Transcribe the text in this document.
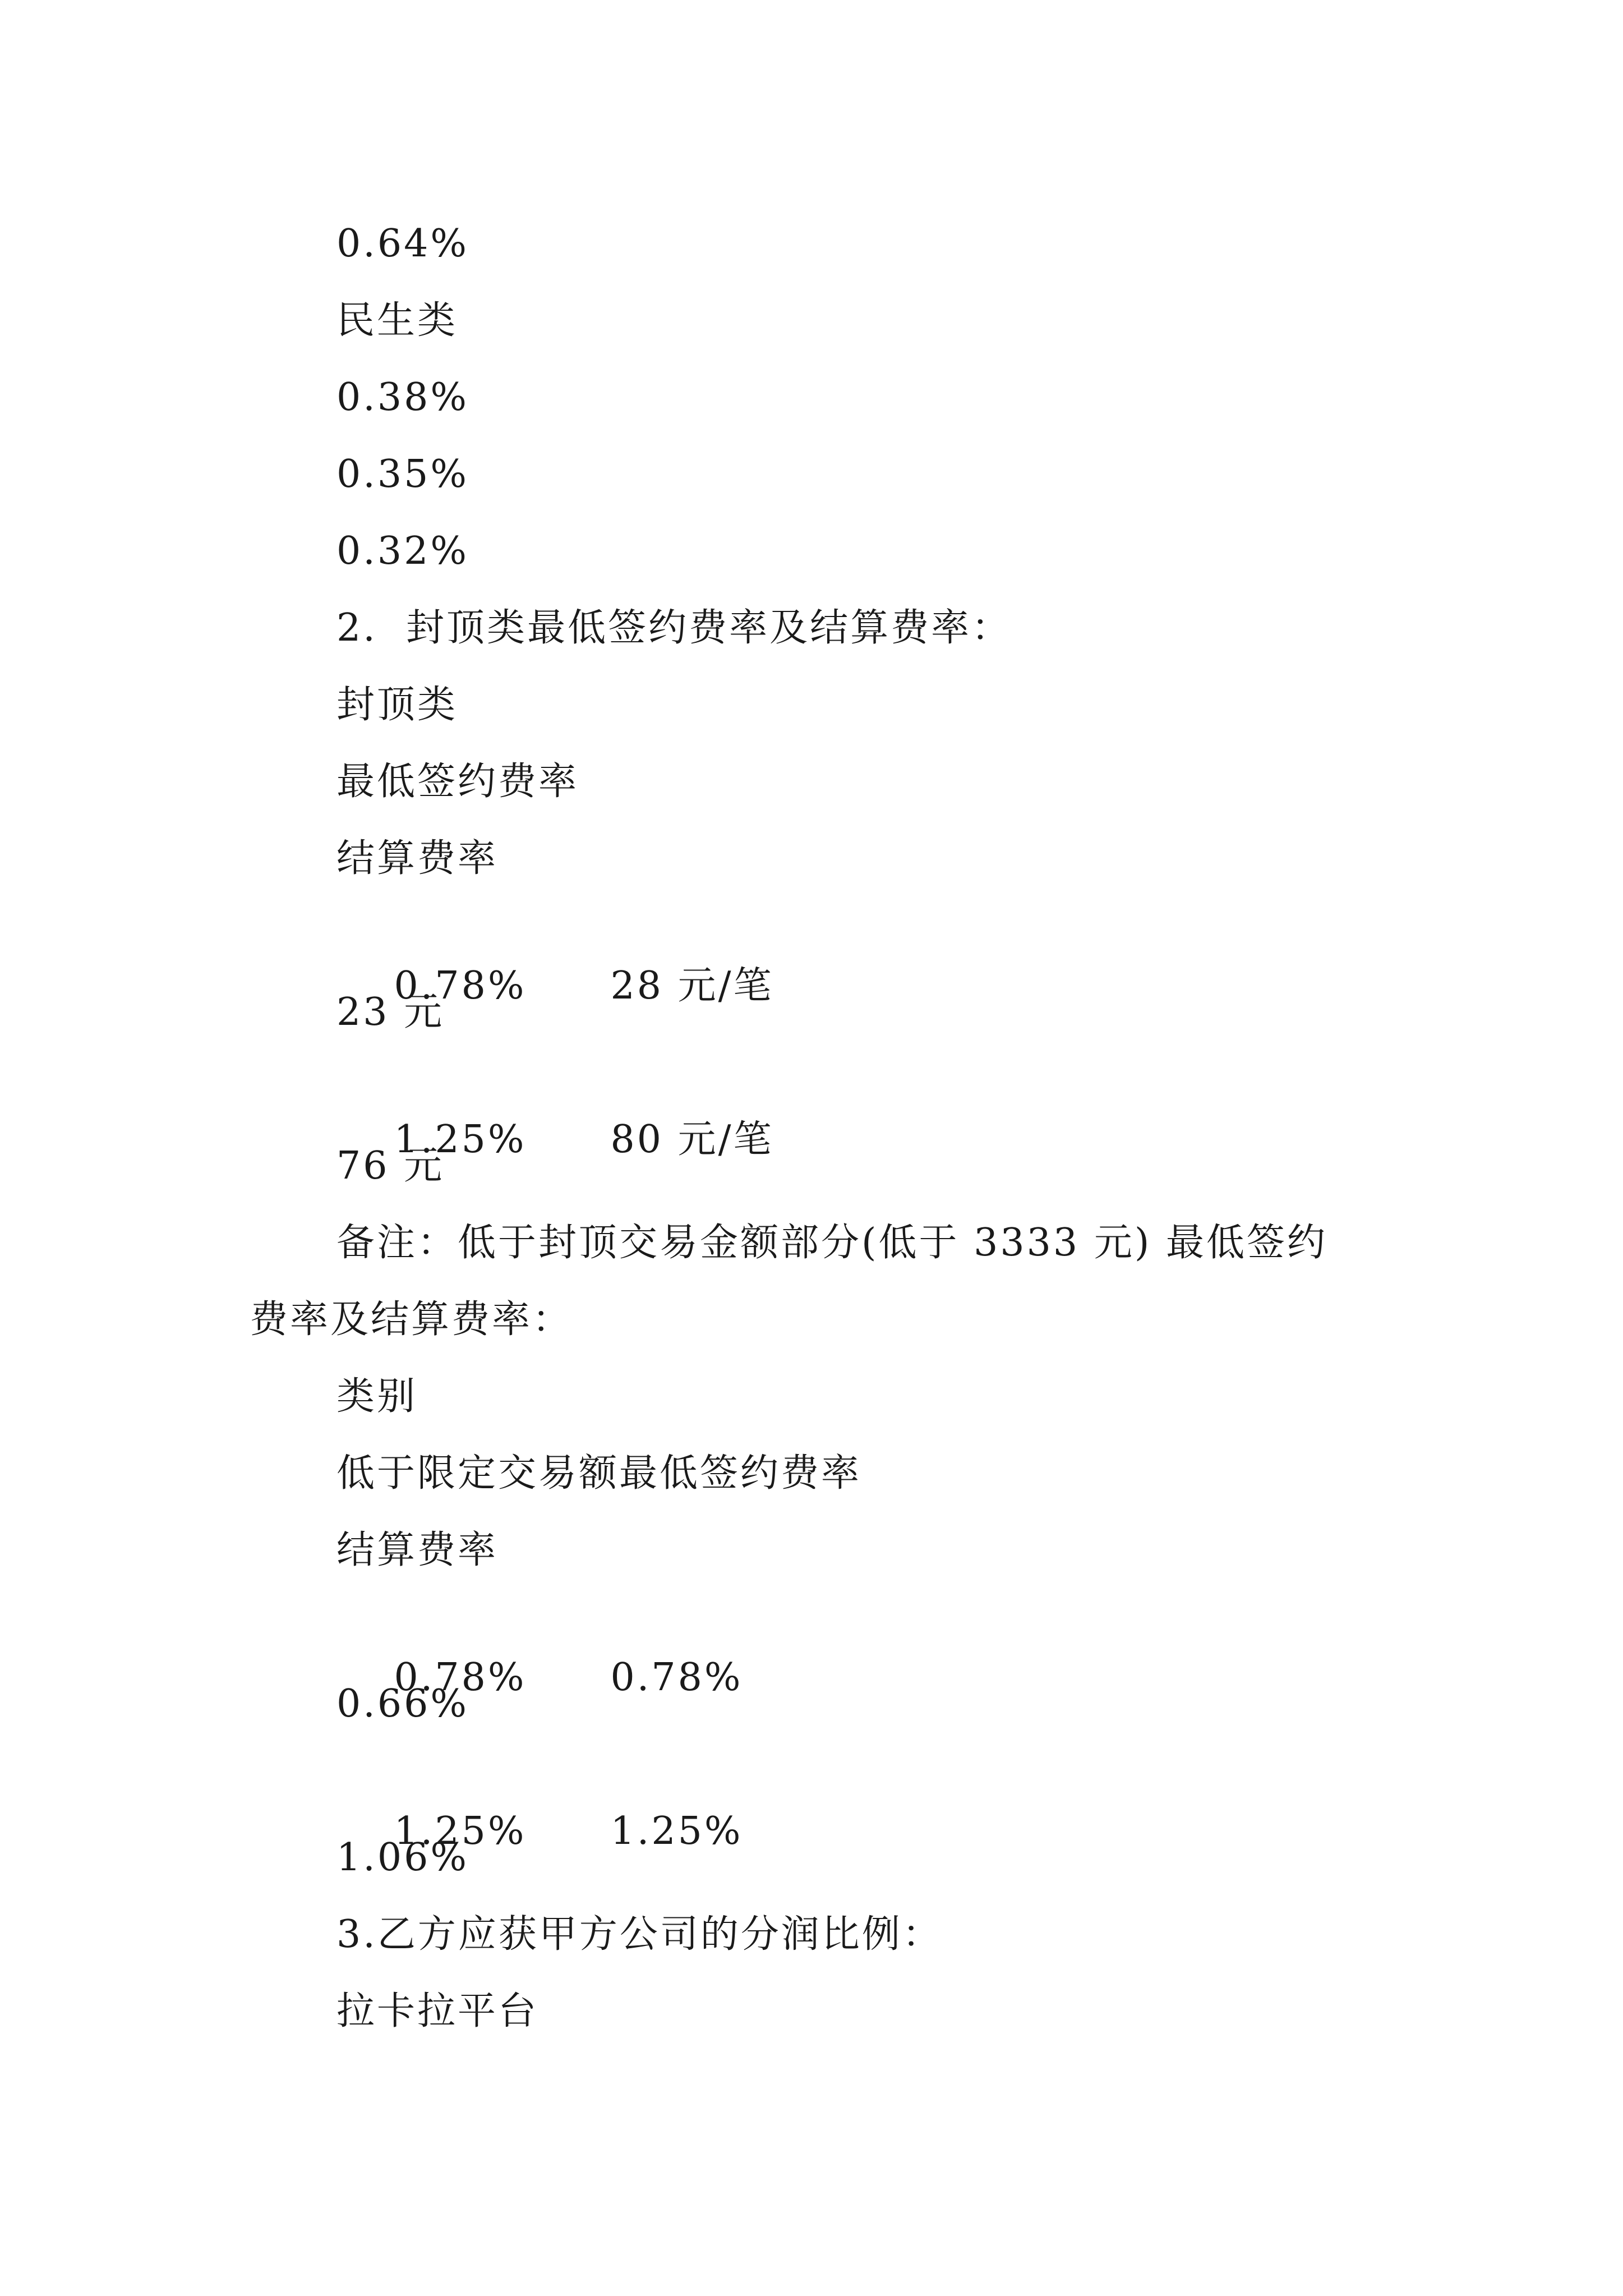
0.64%
民生类
0.38%
0.35%
0.32%
2.  封顶类最低签约费率及结算费率：
封顶类
最低签约费率
结算费率

0.78% 28 元/笔

23 元

1.25% 80 元/笔

76 元
备注：低于封顶交易金额部分(低于 3333 元) 最低签约
费率及结算费率：
类别
低于限定交易额最低签约费率
结算费率

0.78% 0.78%

0.66%

1.25% 1.25%

1.06%
3.乙方应获甲方公司的分润比例：
拉卡拉平台
